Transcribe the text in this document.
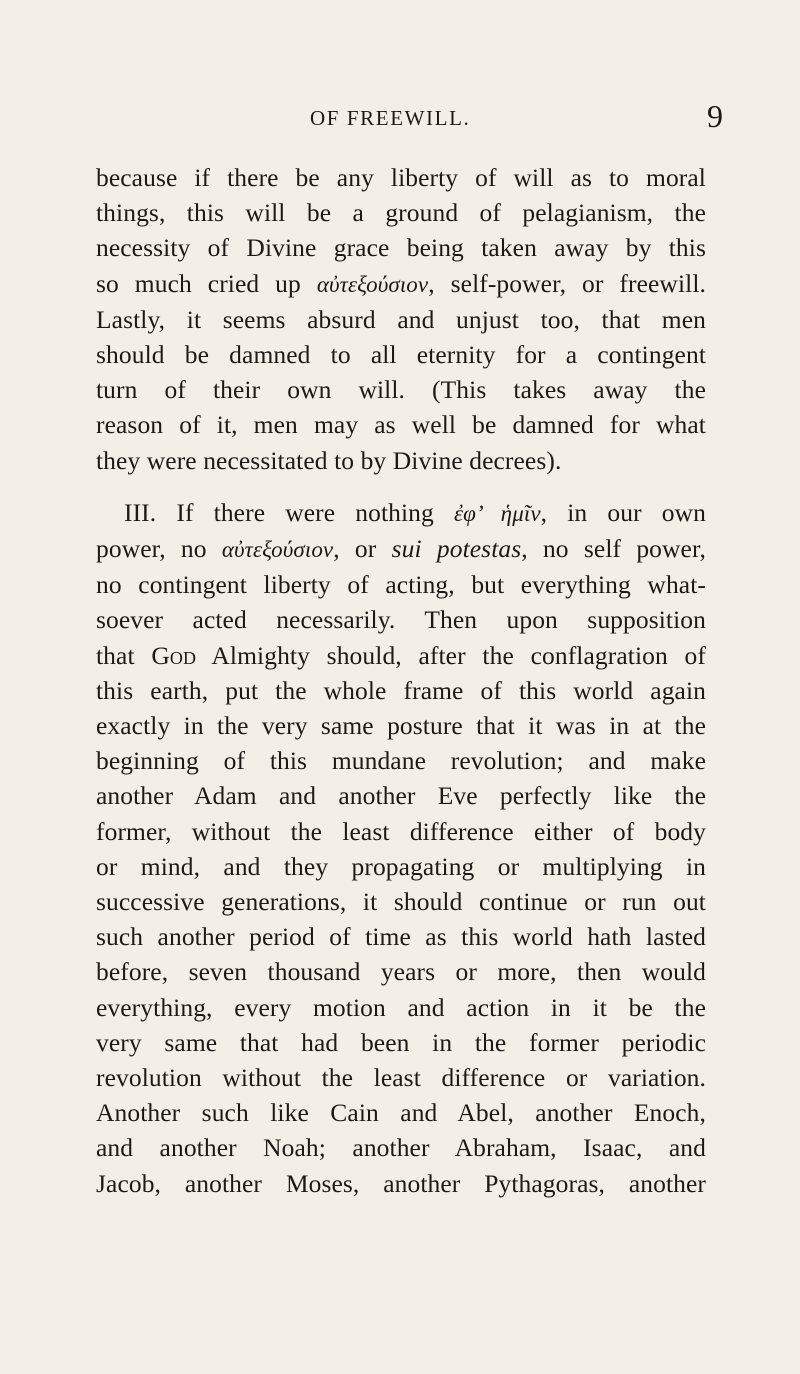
OF FREEWILL.	9
because if there be any liberty of will as to moral
things, this will be a ground of pelagianism, the
necessity of Divine grace being taken away by this
so much cried up αὐτεξούσιον, self-power, or freewill.
Lastly, it seems absurd and unjust too, that men
should be damned to all eternity for a contingent
turn of their own will. (This takes away the
reason of it, men may as well be damned for what
they were necessitated to by Divine decrees).
III. If there were nothing ἐφ’ ἡμῖν, in our own
power, no αὐτεξούσιον, or sui potestas, no self power,
no contingent liberty of acting, but everything what-
soever acted necessarily. Then upon supposition
that God Almighty should, after the conflagration of
this earth, put the whole frame of this world again
exactly in the very same posture that it was in at the
beginning of this mundane revolution; and make
another Adam and another Eve perfectly like the
former, without the least difference either of body
or mind, and they propagating or multiplying in
successive generations, it should continue or run out
such another period of time as this world hath lasted
before, seven thousand years or more, then would
everything, every motion and action in it be the
very same that had been in the former periodic
revolution without the least difference or variation.
Another such like Cain and Abel, another Enoch,
and another Noah; another Abraham, Isaac, and
Jacob, another Moses, another Pythagoras, another
